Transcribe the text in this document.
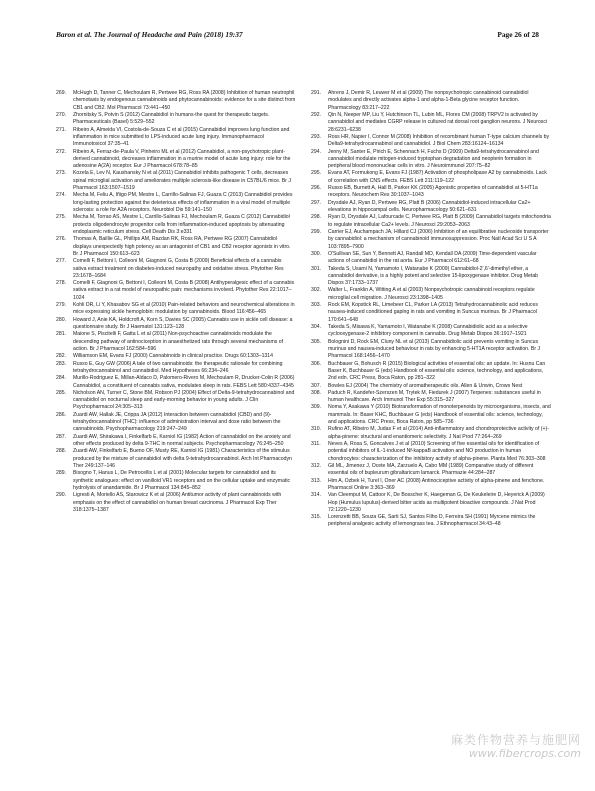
Baron et al. The Journal of Headache and Pain (2018) 19:37	Page 26 of 28
269.	McHugh D, Tanner C, Mechoulam R, Pertwee RG, Ross RA (2008) Inhibition of human neutrophil chemotaxis by endogenous cannabinoids and phytocannabinoids: evidence for a site distinct from CB1 and CB2. Mol Pharmacol 73:441–450
270.	Zhornitsky S, Potvin S (2012) Cannabidiol in humans-the quest for therapeutic targets. Pharmaceuticals (Basel) 5:529–552
271.	Ribeiro A, Almeida VI, Costola-de-Souza C et al (2015) Cannabidiol improves lung function and inflammation in mice submitted to LPS-induced acute lung injury. Immunopharmacol Immunotoxicol 37:35–41
272.	Ribeiro A, Ferraz-de-Paula V, Pinheiro ML et al (2012) Cannabidiol, a non-psychotropic plant-derived cannabinoid, decreases inflammation in a murine model of acute lung injury: role for the adenosine A(2A) receptor. Eur J Pharmacol 678:78–85
273.	Kozela E, Lev N, Kaushansky N et al (2011) Cannabidiol inhibits pathogenic T cells, decreases spinal microglial activation and ameliorates multiple sclerosis-like disease in C57BL/6 mice. Br J Pharmacol 163:1507–1519
274.	Mecha M, Feliu A, Iñigo PM, Mestre L, Carrillo-Salinas FJ, Guaza C (2013) Cannabidiol provides long-lasting protection against the deleterious effects of inflammation in a viral model of multiple sclerosis: a role for A2A receptors. Neurobiol Dis 59:141–150
275.	Mecha M, Torrao AS, Mestre L, Carrillo-Salinas FJ, Mechoulam R, Guaza C (2012) Cannabidiol protects oligodendrocyte progenitor cells from inflammation-induced apoptosis by attenuating endoplasmic reticulum stress. Cell Death Dis 3:e331
276.	Thomas A, Baillie GL, Phillips AM, Razdan RK, Ross RA, Pertwee RG (2007) Cannabidiol displays unexpectedly high potency as an antagonist of CB1 and CB2 receptor agonists in vitro. Br J Pharmacol 150:613–623
277.	Comelli F, Bettoni I, Colleoni M, Giagnoni G, Costa B (2009) Beneficial effects of a cannabis sativa extract treatment on diabetes-induced neuropathy and oxidative stress. Phytother Res 23:1678–1684
278.	Comelli F, Giagnoni G, Bettoni I, Colleoni M, Costa B (2008) Antihyperalgesic effect of a cannabis sativa extract in a rat model of neuropathic pain: mechanisms involved. Phytother Res 22:1017–1024
279.	Kohli DR, Li Y, Khasabov SG et al (2010) Pain-related behaviors and neurochemical alterations in mice expressing sickle hemoglobin: modulation by cannabinoids. Blood 116:456–465
280.	Howard J, Anie KA, Holdcroft A, Korn S, Davies SC (2005) Cannabis use in sickle cell disease: a questionnaire study. Br J Haematol 131:123–128
281.	Maione S, Piscitelli F, Gatta L et al (2011) Non-psychoactive cannabinoids modulate the descending pathway of antinociception in anaesthetized rats through several mechanisms of action. Br J Pharmacol 162:584–596
282.	Williamson EM, Evans FJ (2000) Cannabinoids in clinical practice. Drugs 60:1303–1314
283.	Russo E, Guy GW (2006) A tale of two cannabinoids: the therapeutic rationale for combining tetrahydrocannabinol and cannabidiol. Med Hypotheses 66:234–246
284.	Murillo-Rodriguez E, Millan-Aldaco D, Palomero-Rivero M, Mechoulam R, Drucker-Colin R (2006) Cannabidiol, a constituent of cannabis sativa, modulates sleep in rats. FEBS Lett 580:4337–4345
285.	Nicholson AN, Turner C, Stone BM, Robson PJ (2004) Effect of Delta-9-tetrahydrocannabinol and cannabidiol on nocturnal sleep and early-morning behavior in young adults. J Clin Psychopharmacol 24:305–313
286.	Zuardi AW, Hallak JE, Crippa JA (2012) Interaction between cannabidiol (CBD) and (9)-tetrahydrocannabinol (THC): influence of administration interval and dose ratio between the cannabinoids. Psychopharmacology 219:247–249
287.	Zuardi AW, Shirakawa I, Finkelfarb E, Karniol IG (1982) Action of cannabidiol on the anxiety and other effects produced by delta 9-THC in normal subjects. Psychopharmacology 76:245–250
288.	Zuardi AW, Finkelfarb E, Bueno OF, Musty RE, Karniol IG (1981) Characteristics of the stimulus produced by the mixture of cannabidiol with delta 9-tetrahydrocannabinol. Arch Int Pharmacodyn Ther 249:137–146
289.	Bisogno T, Hanus L, De Petrocellis L et al (2001) Molecular targets for cannabidiol and its synthetic analogues: effect on vanilloid VR1 receptors and on the cellular uptake and enzymatic hydrolysis of anandamide. Br J Pharmacol 134:845–852
290.	Ligresti A, Moriello AS, Starowicz K et al (2006) Antitumor activity of plant cannabinoids with emphasis on the effect of cannabidiol on human breast carcinoma. J Pharmacol Exp Ther 318:1375–1387
291.	Ahrens J, Demir R, Leuwer M et al (2009) The nonpsychotropic cannabinoid cannabidiol modulates and directly activates alpha-1 and alpha-1-Beta glycine receptor function. Pharmacology 83:217–222
292.	Qin N, Neeper MP, Liu Y, Hutchinson TL, Lubin ML, Flores CM (2008) TRPV2 is activated by cannabidiol and mediates CGRP release in cultured rat dorsal root ganglion neurons. J Neurosci 28:6231–6238
293.	Ross HR, Napier I, Connor M (2008) Inhibition of recombinant human T-type calcium channels by Delta9-tetrahydrocannabinol and cannabidiol. J Biol Chem 283:16124–16134
294.	Jenny M, Santer E, Pirich E, Schennach H, Fuchs D (2009) Delta9-tetrahydrocannabinol and cannabidiol modulate mitogen-induced tryptophan degradation and neopterin formation in peripheral blood mononuclear cells in vitro. J Neuroimmunol 207:75–82
295.	Evans AT, Formukong E, Evans FJ (1987) Activation of phospholipase A2 by cannabinoids. Lack of correlation with CNS effects. FEBS Lett 211:119–122
296.	Russo EB, Burnett A, Hall B, Parker KK (2005) Agonistic properties of cannabidiol at 5-HT1a receptors. Neurochem Res 30:1037–1043
297.	Drysdale AJ, Ryan D, Pertwee RG, Platt B (2006) Cannabidiol-induced intracellular Ca2+ elevations in hippocampal cells. Neuropharmacology 50:621–631
298.	Ryan D, Drysdale AJ, Lafourcade C, Pertwee RG, Platt B (2009) Cannabidiol targets mitochondria to regulate intracellular Ca2+ levels. J Neurosci 29:2053–2063
299.	Carrier EJ, Auchampach JA, Hillard CJ (2006) Inhibition of an equilibrative nucleoside transporter by cannabidiol: a mechanism of cannabinoid immunosuppression. Proc Natl Acad Sci U S A 103:7895–7900
300.	O'Sullivan SE, Sun Y, Bennett AJ, Randall MD, Kendall DA (2009) Time-dependent vascular actions of cannabidiol in the rat aorta. Eur J Pharmacol 612:61–68
301.	Takeda S, Usami N, Yamamoto I, Watanabe K (2009) Cannabidiol-2',6'-dimethyl ether, a cannabidiol derivative, is a highly potent and selective 15-lipoxygenase inhibitor. Drug Metab Dispos 37:1733–1737
302.	Walter L, Franklin A, Witting A et al (2003) Nonpsychotropic cannabinoid receptors regulate microglial cell migration. J Neurosci 23:1398–1405
303.	Rock EM, Kopstick RL, Limebeer CL, Parker LA (2013) Tetrahydrocannabinolic acid reduces nausea-induced conditioned gaping in rats and vomiting in Suncus murinus. Br J Pharmacol 170:641–648
304.	Takeda S, Misawa K, Yamamoto I, Watanabe K (2008) Cannabidiolic acid as a selective cyclooxygenase-2 inhibitory component in cannabis. Drug Metab Dispos 36:1917–1921
305.	Bolognini D, Rock EM, Cluny NL et al (2013) Cannabidiolic acid prevents vomiting in Suncus murinus and nausea-induced behaviour in rats by enhancing 5-HT1A receptor activation. Br J Pharmacol 168:1456–1470
306.	Buchbauer G, Bohusch R (2015) Biological activities of essential oils: an update. In: Husnu Can Baser K, Buchbauer G (eds) Handbook of essential oils: science, technology, and applications, 2nd edn. CRC Press, Boca Raton, pp 281–322
307.	Bowles EJ (2004) The chemistry of aromatherapeutic oils. Allen & Unwin, Crows Nest
308.	Paduch R, Kandefer-Szerszen M, Trytek M, Fiedurek J (2007) Terpenes: substances useful in human healthcare. Arch Immunol Ther Exp 55:315–327
309.	Noma Y, Asakawa Y (2010) Biotransformation of monoterpenoids by microorganisms, insects, and mammals. In: Baser KHC, Buchbauer G (eds) Handbook of essential oils: science, technology, and applications. CRC Press, Boca Raton, pp 585–736
310.	Rufino AT, Ribeiro M, Judas F et al (2014) Anti-inflammatory and chondroprotective activity of (+)-alpha-pinene: structural and enantiomeric selectivity. J Nat Prod 77:264–269
311.	Neves A, Rosa S, Goncalves J et al (2010) Screening of five essential oils for identification of potential inhibitors of IL-1-induced Nf-kappaB activation and NO production in human chondrocytes: characterization of the inhibitory activity of alpha-pinene. Planta Med 76:303–308
312.	Gil ML, Jimenez J, Ocete MA, Zarzuelo A, Cabo MM (1989) Comparative study of different essential oils of bupleurum gibraltaricum lamarck. Pharmazie 44:284–287
313.	Him A, Ozbek H, Turel I, Oner AC (2008) Antinociceptive activity of alpha-pinene and fenchone. Pharmacol Online 3:363–369
314.	Van Cleemput M, Cattoor K, De Bosscher K, Haegeman G, De Keukeleire D, Heyerick A (2009) Hop (Humulus lupulus)-derived bitter acids as multipotent bioactive compounds. J Nat Prod 72:1220–1230
315.	Lorenzetti BB, Souza GE, Sarti SJ, Santos Filho D, Ferreira SH (1991) Myrcene mimics the peripheral analgesic activity of lemongrass tea. J Ethnopharmacol 34:43–48
麻类作物营养与施肥网
www.fibercrops.com
